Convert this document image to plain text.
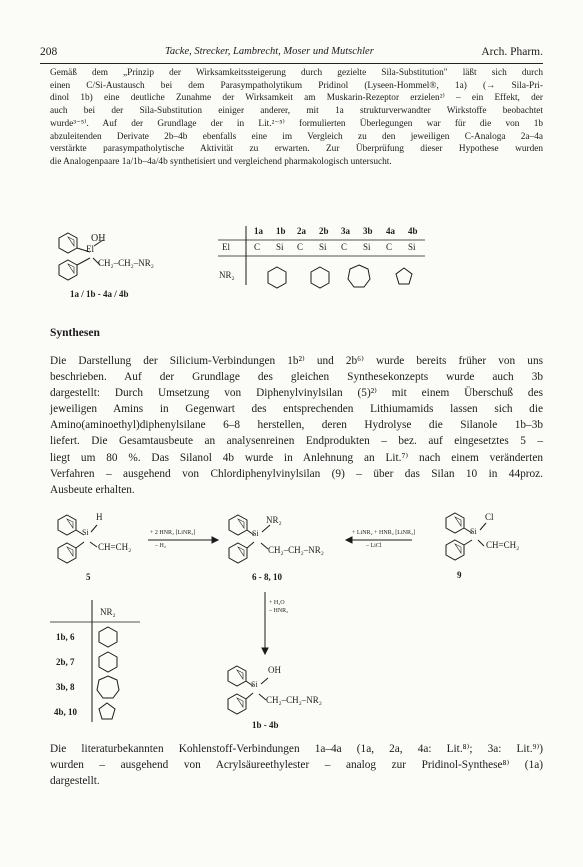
208	Tacke, Strecker, Lambrecht, Moser und Mutschler	Arch. Pharm.
Gemäß dem „Prinzip der Wirksamkeitssteigerung durch gezielte Sila-Substitution" läßt sich durch
einen C/Si-Austausch bei dem Parasympatholytikum Pridinol (Lyseen-Hommel®, 1a) (→ Sila-Pri-
dinol 1b) eine deutliche Zunahme der Wirksamkeit am Muskarin-Rezeptor erzielen²⁾ – ein Effekt, der
auch bei der Sila-Substitution einiger anderer, mit 1a strukturverwandter Wirkstoffe beobachtet
wurde³⁻⁵⁾. Auf der Grundlage der in Lit.²⁻⁵⁾ formulierten Überlegungen war für die von 1b
abzuleitenden Derivate 2b–4b ebenfalls eine im Vergleich zu den jeweiligen C-Analoga 2a–4a
verstärkte parasympatholytische Aktivität zu erwarten. Zur Überprüfung dieser Hypothese wurden
die Analogenpaare 1a/1b–4a/4b synthetisiert und vergleichend pharmakologisch untersucht.
OH
El
CH₂–CH₂–NR₂
1a / 1b - 4a / 4b
1a 1b 2a 2b 3a 3b 4a 4b
El	C Si C Si C Si C Si
NR₂
Synthesen
Die Darstellung der Silicium-Verbindungen 1b²⁾ und 2b⁶⁾ wurde bereits früher von uns
beschrieben. Auf der Grundlage des gleichen Synthesekonzepts wurde auch 3b
dargestellt: Durch Umsetzung von Diphenylvinylsilan (5)²⁾ mit einem Überschuß des
jeweiligen Amins in Gegenwart des entsprechenden Lithiumamids lassen sich die
Amino(aminoethyl)diphenylsilane 6–8 herstellen, deren Hydrolyse die Silanole 1b–3b
liefert. Die Gesamtausbeute an analysenreinen Endprodukten – bez. auf eingesetztes 5 –
liegt um 80 %. Das Silanol 4b wurde in Anlehnung an Lit.⁷⁾ nach einem veränderten
Verfahren – ausgehend von Chlordiphenylvinylsilan (9) – über das Silan 10 in 44proz.
Ausbeute erhalten.
H
Si
CH=CH₂
5
+ 2 HNR₂ [LiNR₂]
– H₂
NR₂
Si
CH₂–CH₂–NR₂
6 - 8, 10
+ LiNR₂ + HNR₂ [LiNR₂]
– LiCl
Cl
Si
CH=CH₂
9
+ H₂O
– HNR₂
OH
Si
CH₂–CH₂–NR₂
1b - 4b
NR₂
1b, 6
2b, 7
3b, 8
4b, 10
Die literaturbekannten Kohlenstoff-Verbindungen 1a–4a (1a, 2a, 4a: Lit.⁸⁾; 3a: Lit.⁹⁾)
wurden – ausgehend von Acrylsäureethylester – analog zur Pridinol-Synthese⁸⁾ (1a)
dargestellt.
